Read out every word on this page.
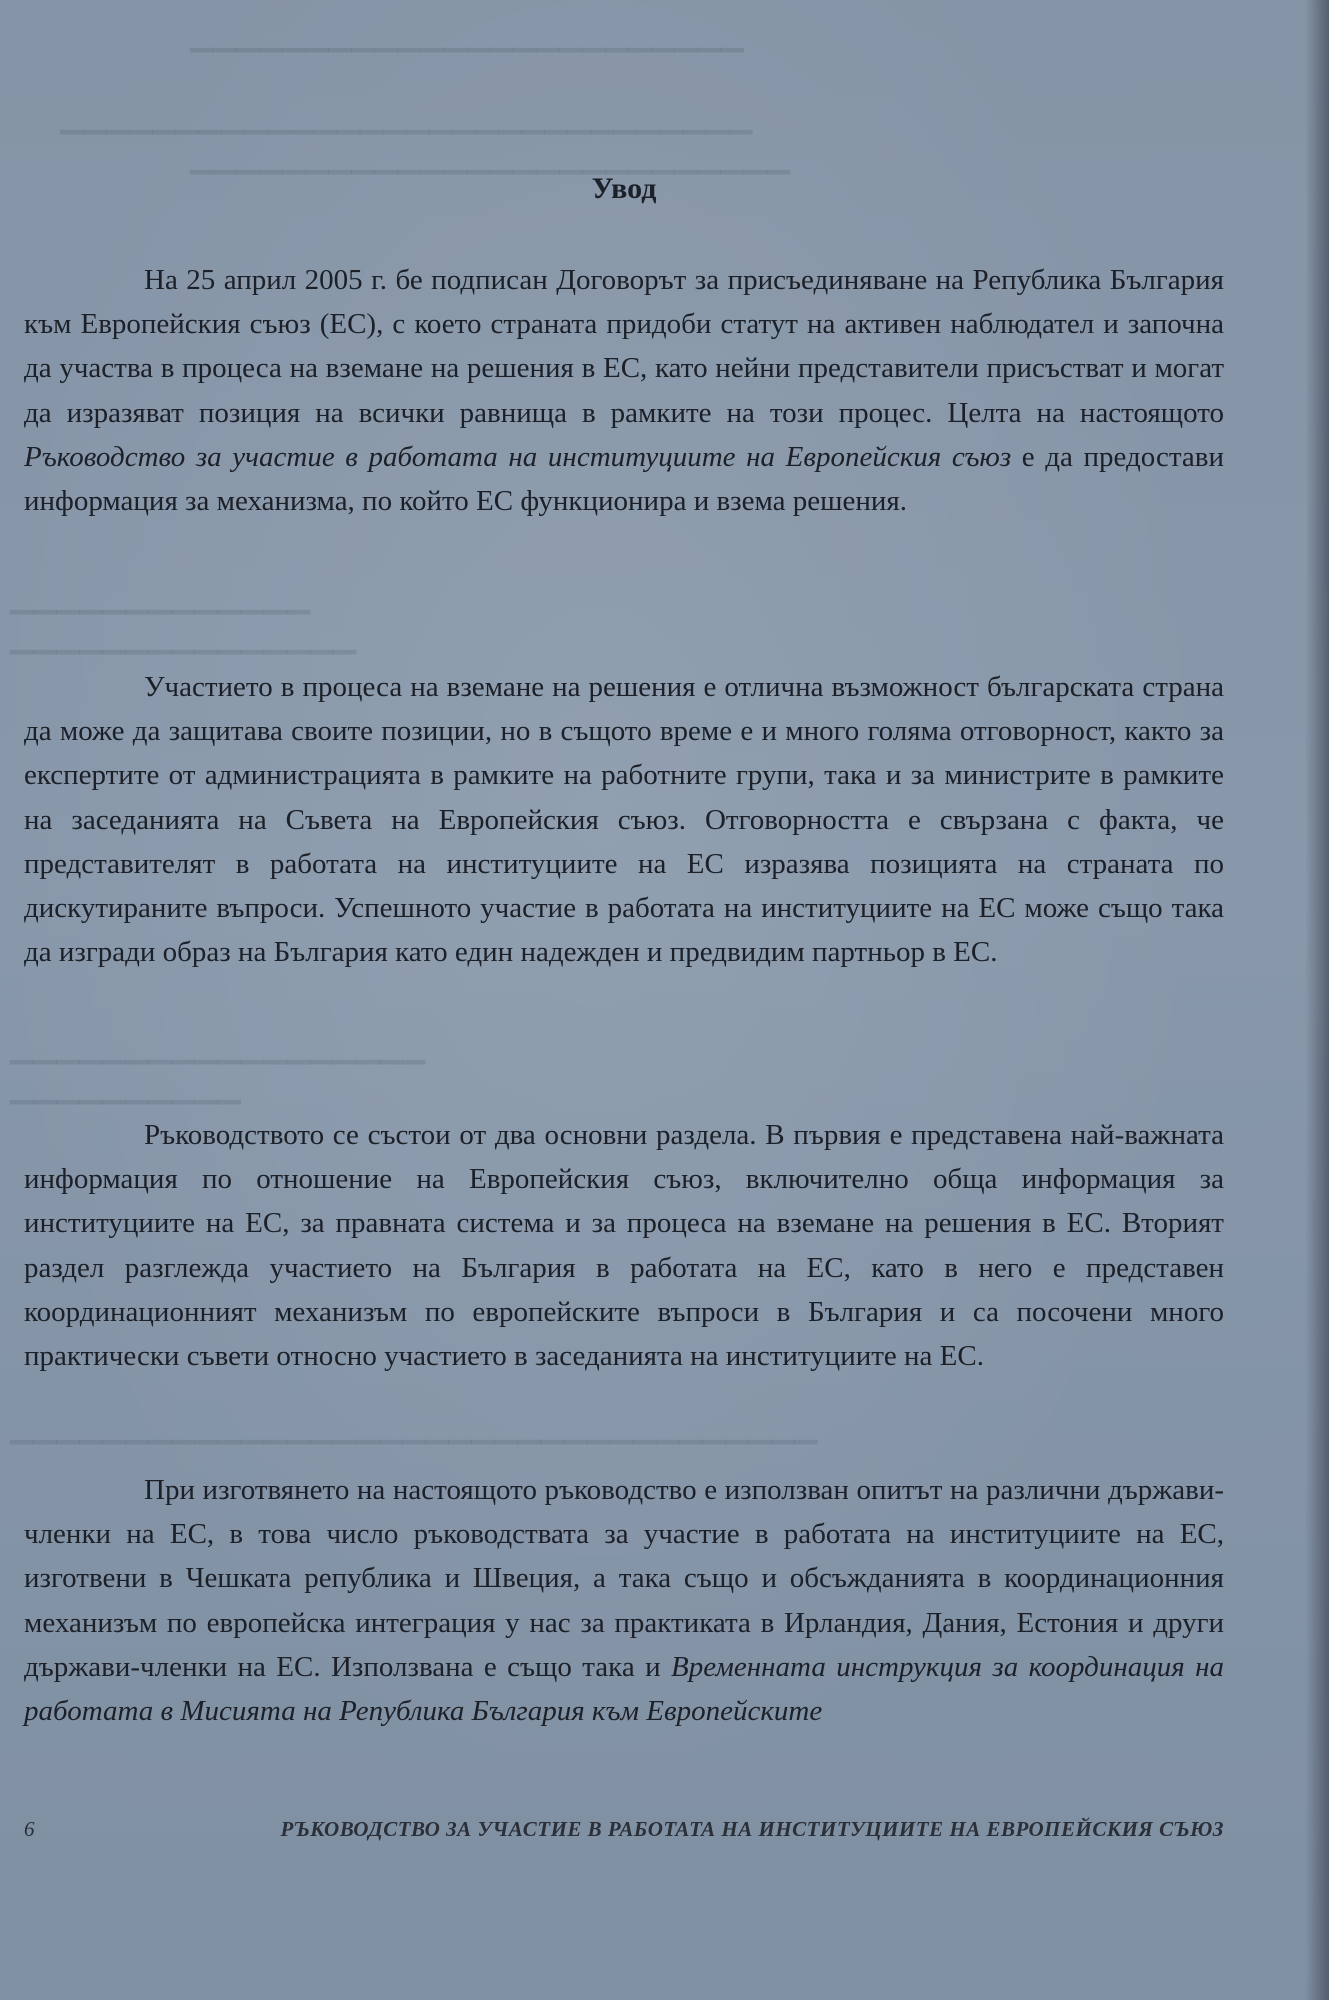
▁▁▁▁▁▁▁▁▁▁▁▁▁▁▁▁▁▁▁▁▁▁▁▁
▁▁▁▁▁▁▁▁▁▁▁▁▁▁▁▁▁▁▁▁▁▁▁▁▁▁▁▁▁▁
▁▁▁▁▁▁▁▁▁▁▁▁▁▁▁▁▁▁▁▁▁▁▁▁▁▁
▁▁▁▁▁▁▁▁▁▁▁▁▁
▁▁▁▁▁▁▁▁▁▁▁▁▁▁▁
▁▁▁▁▁▁▁▁▁▁▁▁▁▁▁▁▁▁
▁▁▁▁▁▁▁▁▁▁
▁▁▁▁▁▁▁▁▁▁▁▁▁▁▁▁▁▁▁▁▁▁▁▁▁▁▁▁▁▁▁▁▁▁▁
Увод

На 25 април 2005 г. бе подписан Договорът за присъединяване на Република България към Европейския съюз (ЕС), с което страната придоби статут на активен наблюдател и започна да участва в процеса на вземане на решения в ЕС, като нейни представители присъстват и могат да изразяват позиция на всички равнища в рамките на този процес. Целта на настоящото Ръководство за участие в работата на институциите на Европейския съюз е да предостави информация за механизма, по който ЕС функционира и взема решения.

Участието в процеса на вземане на решения е отлична възможност българската страна да може да защитава своите позиции, но в същото време е и много голяма отговорност, както за експертите от администрацията в рамките на работните групи, така и за министрите в рамките на заседанията на Съвета на Европейския съюз. Отговорността е свързана с факта, че представителят в работата на институциите на ЕС изразява позицията на страната по дискутираните въпроси. Успешното участие в работата на институциите на ЕС може също така да изгради образ на България като един надежден и предвидим партньор в ЕС.

Ръководството се състои от два основни раздела. В първия е представена най-важната информация по отношение на Европейския съюз, включително обща информация за институциите на ЕС, за правната система и за процеса на вземане на решения в ЕС. Вторият раздел разглежда участието на България в работата на ЕС, като в него е представен координационният механизъм по европейските въпроси в България и са посочени много практически съвети относно участието в заседанията на институциите на ЕС.

При изготвянето на настоящото ръководство е използван опитът на различни държави-членки на ЕС, в това число ръководствата за участие в работата на институциите на ЕС, изготвени в Чешката република и Швеция, а така също и обсъжданията в координационния механизъм по европейска интеграция у нас за практиката в Ирландия, Дания, Естония и други държави-членки на ЕС. Използвана е също така и Временната инструкция за координация на работата в Мисията на Република България към Европейските

6	РЪКОВОДСТВО ЗА УЧАСТИЕ В РАБОТАТА НА ИНСТИТУЦИИТЕ НА ЕВРОПЕЙСКИЯ СЪЮЗ
